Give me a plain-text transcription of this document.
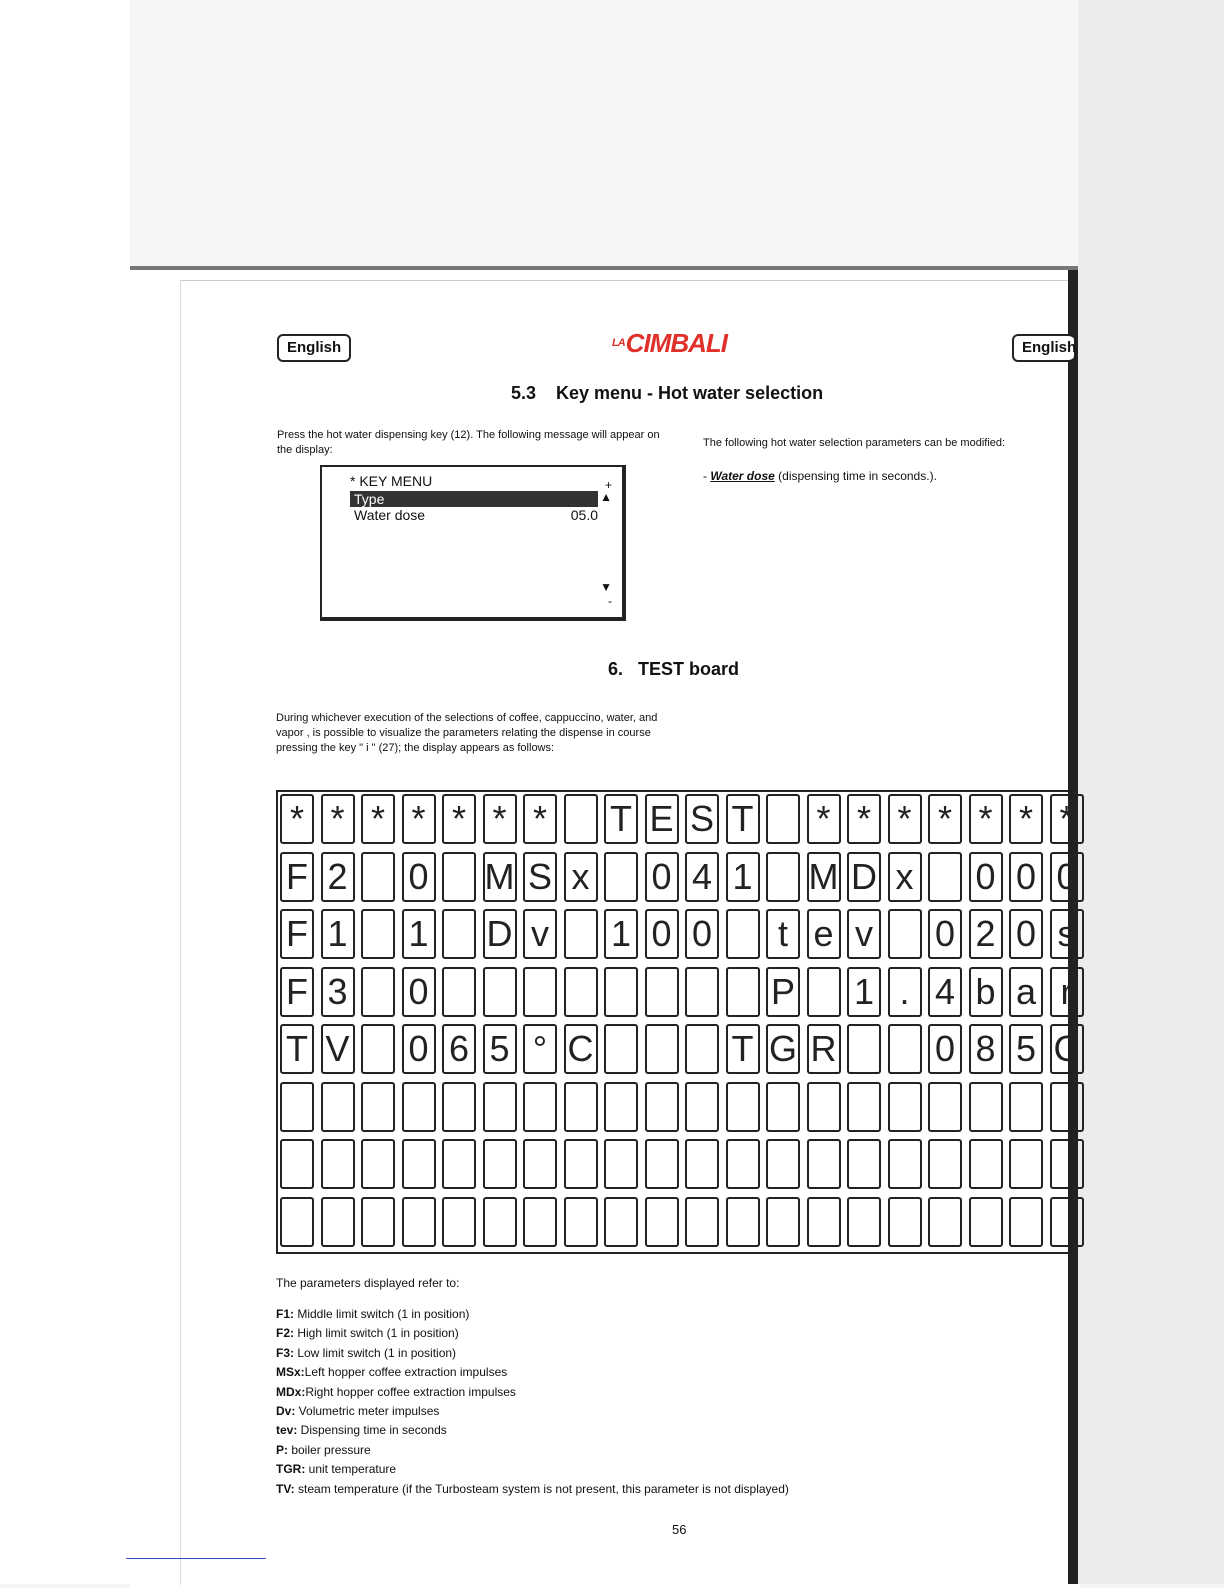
English	English
$^{LA}$CIMBALI
5.3    Key menu - Hot water selection
Press the hot water dispensing key (12). The following message will appear on the display:
The following hot water selection parameters can be modified:
- Water dose (dispensing time in seconds.).
* KEY MENU
Type
Water dose	05.0
+
▲
▼
-
6.   TEST board
During whichever execution of the selections of coffee, cappuccino, water, and vapor , is possible to visualize the parameters relating the dispense in course pressing the key " i " (27); the display appears as follows:
* * * * * * * T E S T * * * * * * *
F 2 0 M S x 0 4 1 M D x 0 0 0
F 1 1 D v 1 0 0	t e v 0 2 0 s
F 3 0	P 1 . 4 b a r
T V 0 6 5 ° C	T G R	0 8 5 C
The parameters displayed refer to:
F1: Middle limit switch (1 in position)
F2: High limit switch (1 in position)
F3: Low limit switch (1 in position)
MSx:Left hopper coffee extraction impulses
MDx:Right hopper coffee extraction impulses
Dv: Volumetric meter impulses
tev: Dispensing time in seconds
P: boiler pressure
TGR: unit temperature
TV: steam temperature (if the Turbosteam system is not present, this parameter is not displayed)
56
